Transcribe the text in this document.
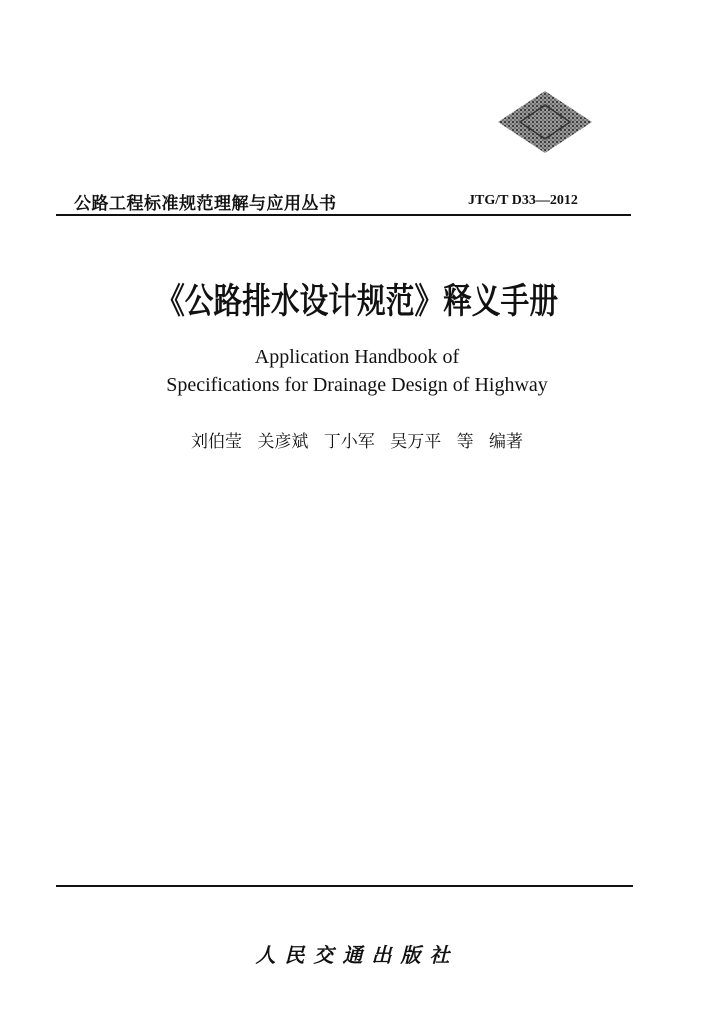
公路工程标准规范理解与应用丛书	JTG/T D33—2012
《公路排水设计规范》释义手册
Application Handbook of
Specifications for Drainage Design of Highway
刘伯莹 关彦斌 丁小军 吴万平 等 编著
人民交通出版社
